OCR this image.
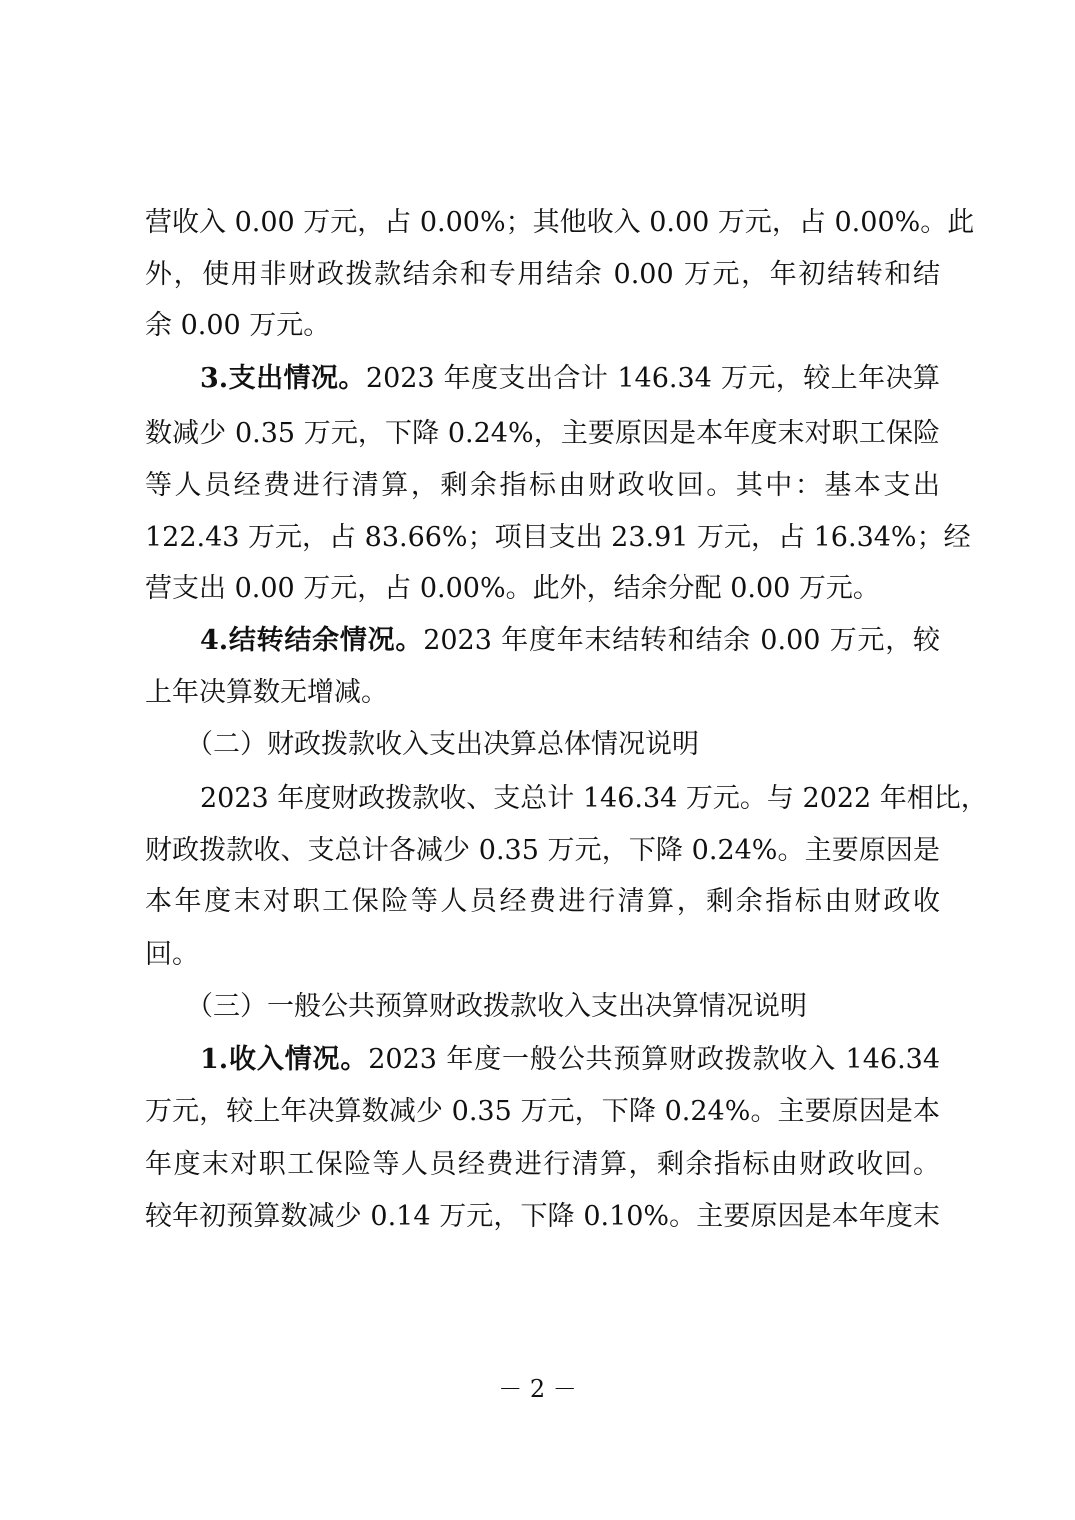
营收入 0.00 万元，占 0.00%；其他收入 0.00 万元，占 0.00%。此
外，使用非财政拨款结余和专用结余 0.00 万元，年初结转和结
余 0.00 万元。
3.支出情况。2023 年度支出合计 146.34 万元，较上年决算
数减少 0.35 万元，下降 0.24%，主要原因是本年度末对职工保险
等人员经费进行清算，剩余指标由财政收回。其中：基本支出
122.43 万元，占 83.66%；项目支出 23.91 万元，占 16.34%；经
营支出 0.00 万元，占 0.00%。此外，结余分配 0.00 万元。
4.结转结余情况。2023 年度年末结转和结余 0.00 万元，较
上年决算数无增减。
（二）财政拨款收入支出决算总体情况说明
2023 年度财政拨款收、支总计 146.34 万元。与 2022 年相比，
财政拨款收、支总计各减少 0.35 万元，下降 0.24%。主要原因是
本年度末对职工保险等人员经费进行清算，剩余指标由财政收
回。
（三）一般公共预算财政拨款收入支出决算情况说明
1.收入情况。2023 年度一般公共预算财政拨款收入 146.34
万元，较上年决算数减少 0.35 万元，下降 0.24%。主要原因是本
年度末对职工保险等人员经费进行清算，剩余指标由财政收回。
较年初预算数减少 0.14 万元，下降 0.10%。主要原因是本年度末
－ 2 －
